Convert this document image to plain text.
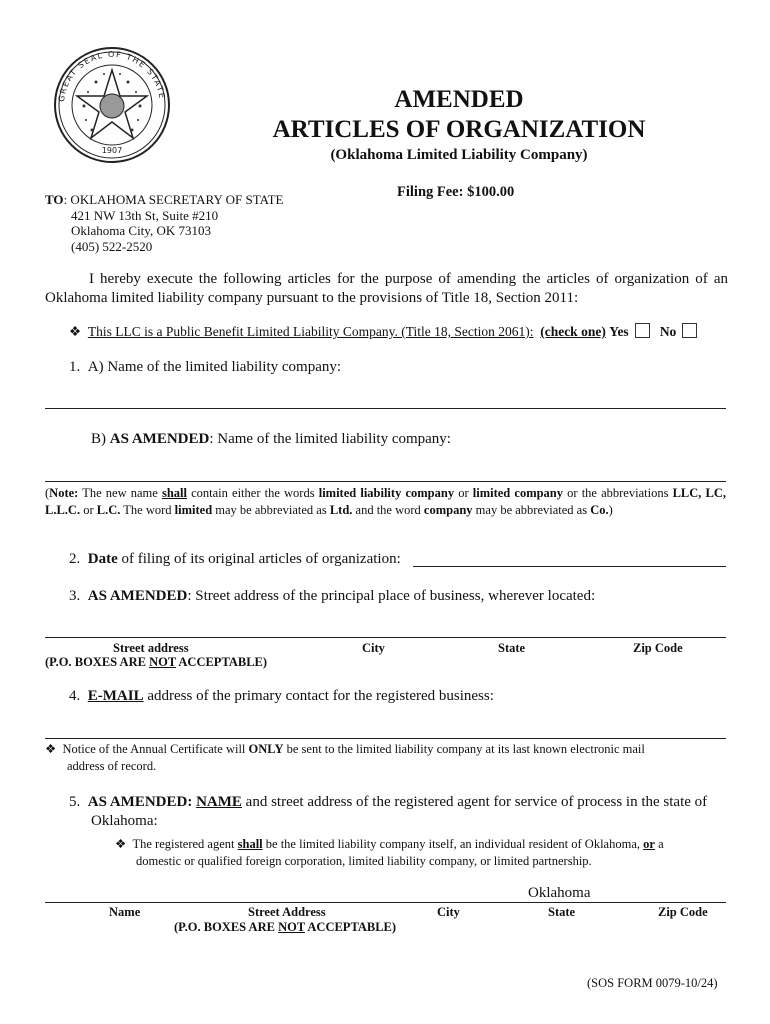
GREAT SEAL OF THE STATE
1907
AMENDED
ARTICLES OF ORGANIZATION
(Oklahoma Limited Liability Company)
TO: OKLAHOMA SECRETARY OF STATE
421 NW 13th St, Suite #210
Oklahoma City, OK 73103
(405) 522-2520
Filing Fee: $100.00
I hereby execute the following articles for the purpose of amending the articles of organization of an Oklahoma limited liability company pursuant to the provisions of Title 18, Section 2011:
❖ This LLC is a Public Benefit Limited Liability Company. (Title 18, Section 2061): (check one) Yes No
1. A) Name of the limited liability company:
B) AS AMENDED: Name of the limited liability company:
(Note: The new name shall contain either the words limited liability company or limited company or the abbreviations LLC, LC, L.L.C. or L.C. The word limited may be abbreviated as Ltd. and the word company may be abbreviated as Co.)
2. Date of filing of its original articles of organization:
3. AS AMENDED: Street address of the principal place of business, wherever located:
Street address
(P.O. BOXES ARE NOT ACCEPTABLE)
City	State	Zip Code
4. E-MAIL address of the primary contact for the registered business:
❖ Notice of the Annual Certificate will ONLY be sent to the limited liability company at its last known electronic mail
address of record.
5. AS AMENDED: NAME and street address of the registered agent for service of process in the state of
Oklahoma:
❖ The registered agent shall be the limited liability company itself, an individual resident of Oklahoma, or a
domestic or qualified foreign corporation, limited liability company, or limited partnership.
Oklahoma
Name	Street Address
(P.O. BOXES ARE NOT ACCEPTABLE)
City	State	Zip Code
(SOS FORM 0079-10/24)
